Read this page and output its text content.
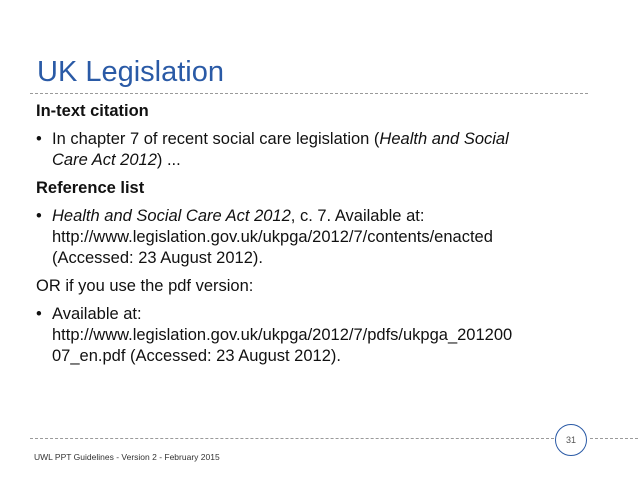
UK Legislation
In-text citation
• In chapter 7 of recent social care legislation (Health and Social
Care Act 2012) ...
Reference list
• Health and Social Care Act 2012, c. 7. Available at:
http://www.legislation.gov.uk/ukpga/2012/7/contents/enacted
(Accessed: 23 August 2012).
OR if you use the pdf version:
• Available at:
http://www.legislation.gov.uk/ukpga/2012/7/pdfs/ukpga_201200
07_en.pdf (Accessed: 23 August 2012).
31
UWL PPT Guidelines - Version 2 - February 2015
